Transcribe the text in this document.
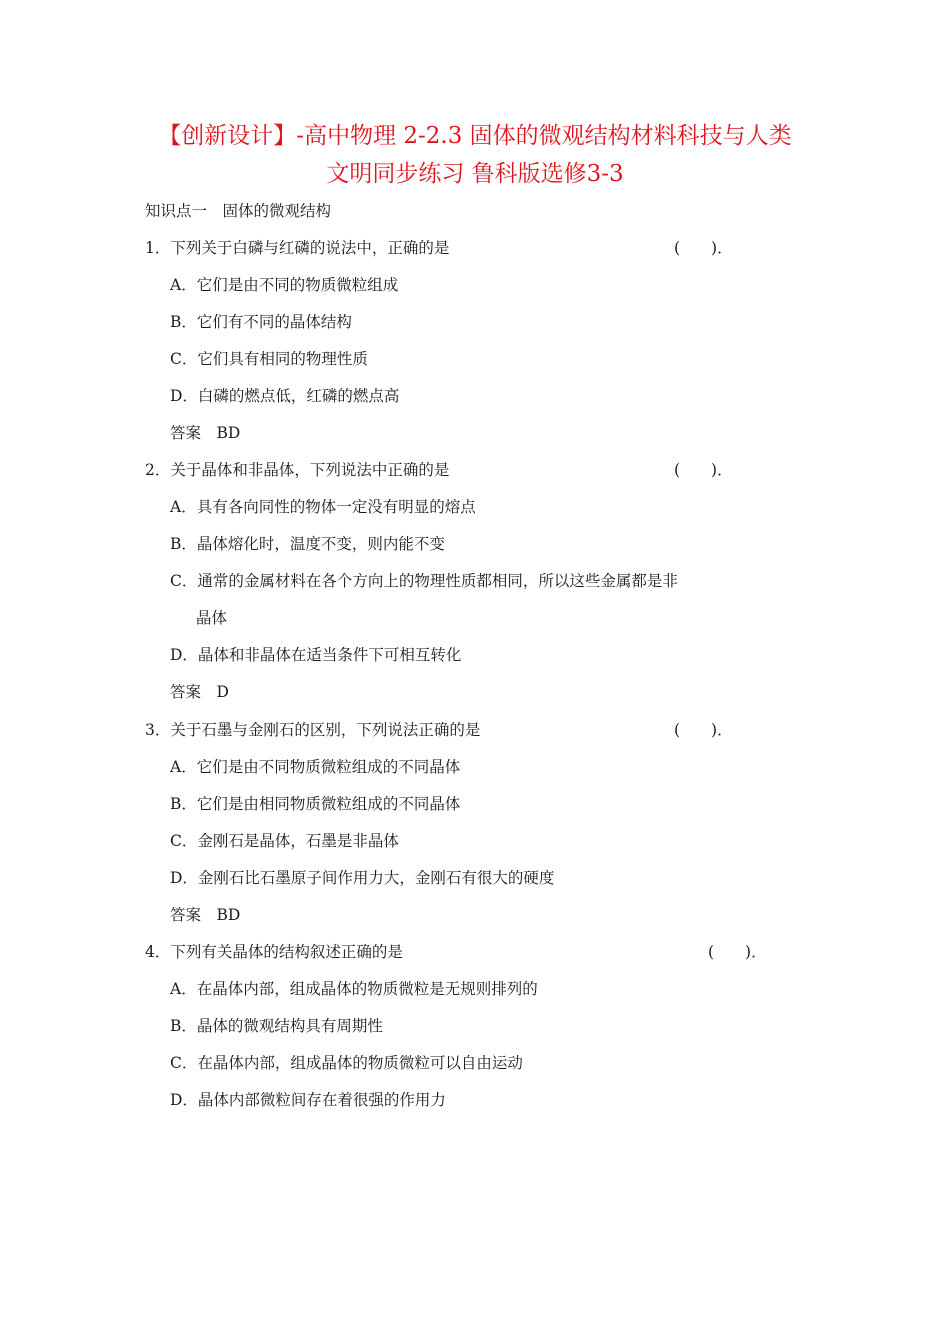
【创新设计】-高中物理 2-2.3 固体的微观结构材料科技与人类
文明同步练习 鲁科版选修3-3
知识点一　固体的微观结构
1．下列关于白磷与红磷的说法中，正确的是	(　　)．
A．它们是由不同的物质微粒组成
B．它们有不同的晶体结构
C．它们具有相同的物理性质
D．白磷的燃点低，红磷的燃点高
答案　BD
2．关于晶体和非晶体，下列说法中正确的是	(　　)．
A．具有各向同性的物体一定没有明显的熔点
B．晶体熔化时，温度不变，则内能不变
C．通常的金属材料在各个方向上的物理性质都相同，所以这些金属都是非
晶体
D．晶体和非晶体在适当条件下可相互转化
答案　D
3．关于石墨与金刚石的区别，下列说法正确的是	(　　)．
A．它们是由不同物质微粒组成的不同晶体
B．它们是由相同物质微粒组成的不同晶体
C．金刚石是晶体，石墨是非晶体
D．金刚石比石墨原子间作用力大，金刚石有很大的硬度
答案　BD
4．下列有关晶体的结构叙述正确的是	(　　)．
A．在晶体内部，组成晶体的物质微粒是无规则排列的
B．晶体的微观结构具有周期性
C．在晶体内部，组成晶体的物质微粒可以自由运动
D．晶体内部微粒间存在着很强的作用力
